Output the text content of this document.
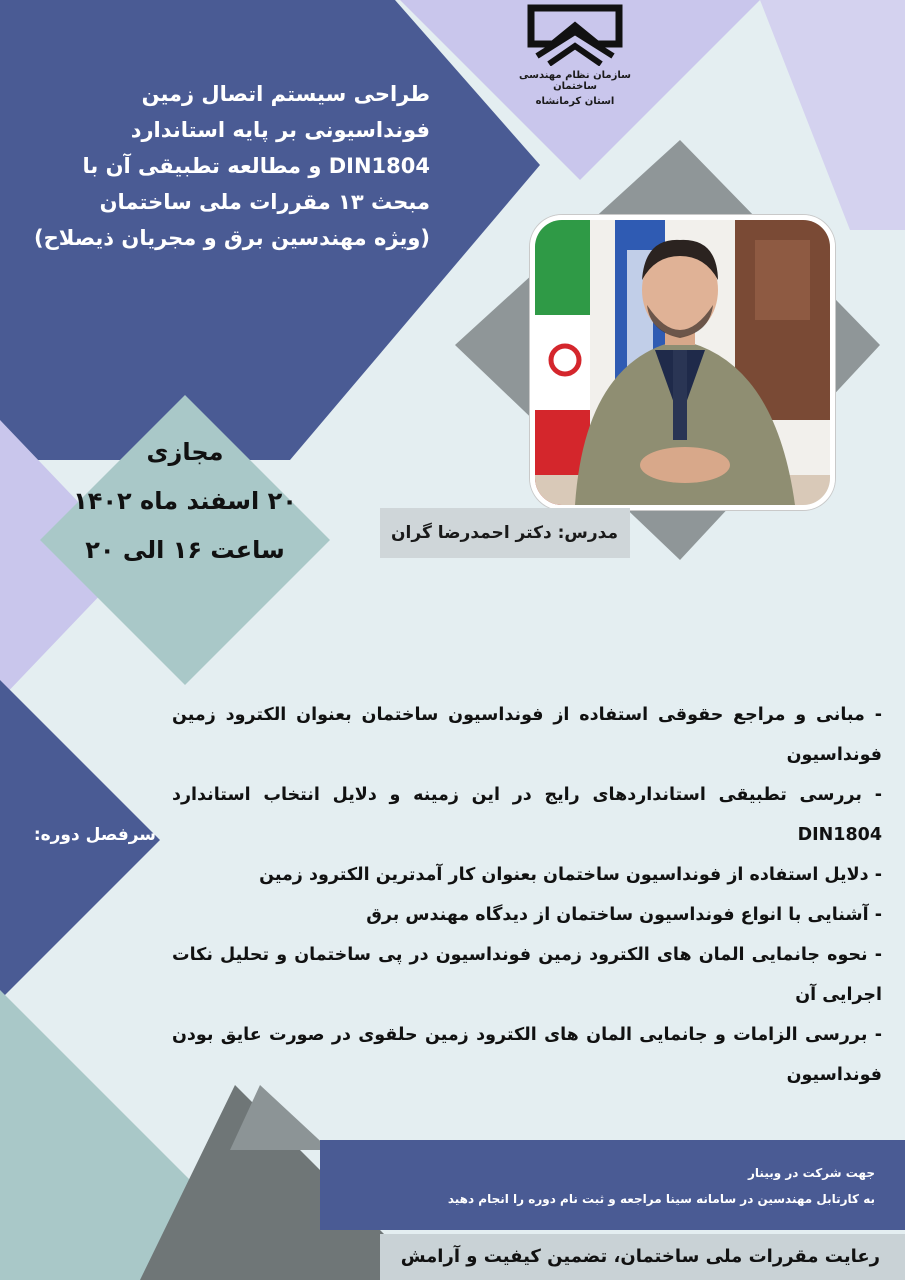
سازمان نظام مهندسی ساختمان
استان کرمانشاه

طراحی سیستم اتصال زمین

فونداسیونی بر پایه استاندارد

DIN1804 و مطالعه تطبیقی آن با

مبحث ۱۳ مقررات ملی ساختمان

(ویژه مهندسین برق و مجریان ذیصلاح)

مجازی
۲۰ اسفند ماه ۱۴۰۲
ساعت ۱۶ الی ۲۰
مدرس: دکتر احمدرضا گران
سرفصل دوره:
- مبانی و مراجع حقوقی استفاده از فونداسیون ساختمان بعنوان الکترود زمین فونداسیون
- بررسی تطبیقی استانداردهای رایج در این زمینه و دلایل انتخاب استاندارد DIN1804
- دلایل استفاده از فونداسیون ساختمان بعنوان کار آمدترین الکترود زمین
- آشنایی با انواع فونداسیون ساختمان از دیدگاه مهندس برق
- نحوه جانمایی المان های الکترود زمین فونداسیون در پی ساختمان و تحلیل نکات اجرایی آن
- بررسی الزامات و جانمایی المان های الکترود زمین حلقوی در صورت عایق بودن فونداسیون
جهت شرکت در وبینار
به کارتابل مهندسین در سامانه سینا مراجعه و ثبت نام دوره را انجام دهید
رعایت مقررات ملی ساختمان، تضمین کیفیت و آرامش
